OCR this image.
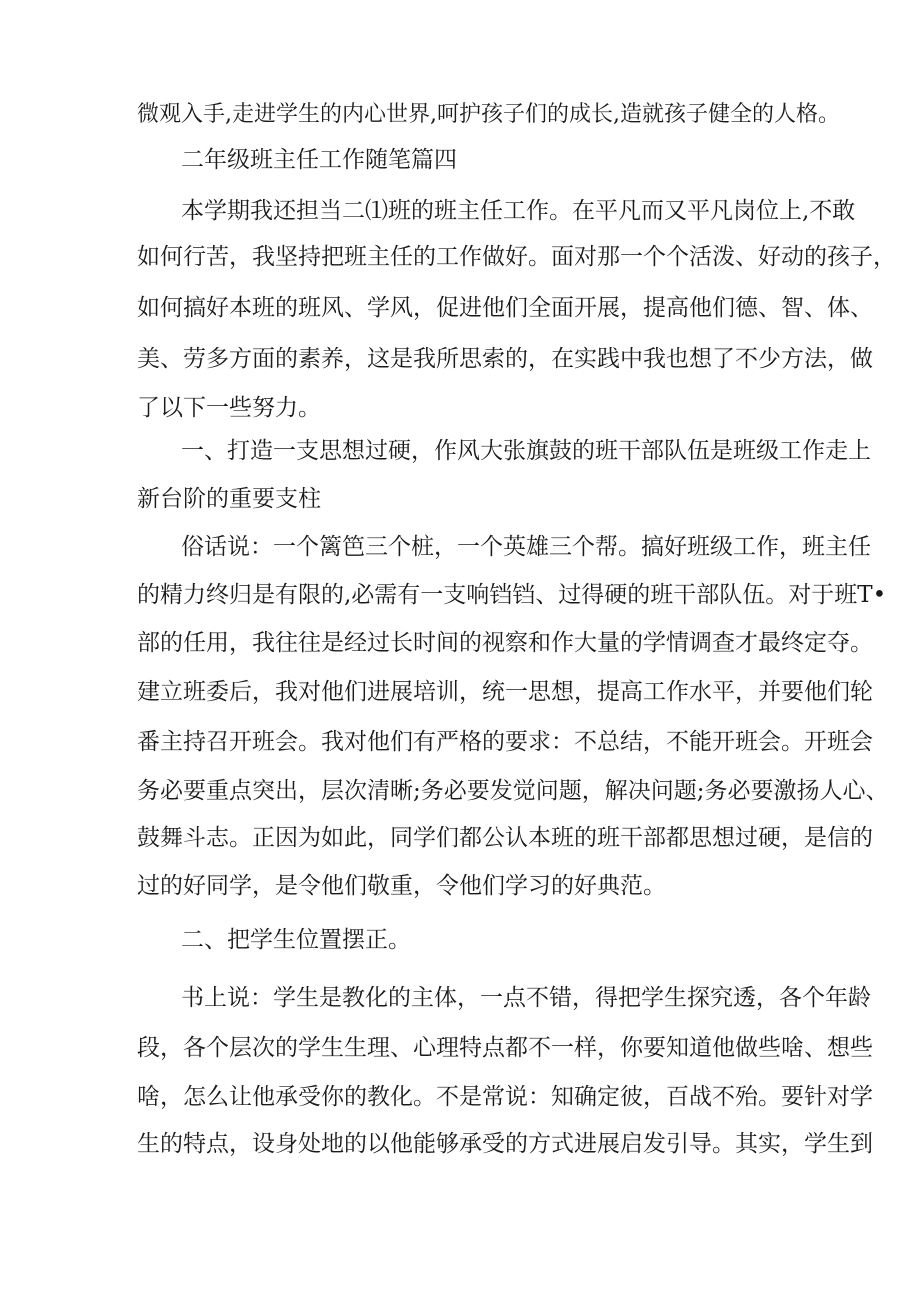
微观入手,走进学生的内心世界,呵护孩子们的成长,造就孩子健全的人格。
二年级班主任工作随笔篇四
本学期我还担当二⑴班的班主任工作。在平凡而又平凡岗位上,不敢
如何行苦，我坚持把班主任的工作做好。面对那一个个活泼、好动的孩子，
如何搞好本班的班风、学风，促进他们全面开展，提高他们德、智、体、
美、劳多方面的素养，这是我所思索的，在实践中我也想了不少方法，做
了以下一些努力。
一、打造一支思想过硬，作风大张旗鼓的班干部队伍是班级工作走上
新台阶的重要支柱
俗话说：一个篱笆三个桩，一个英雄三个帮。搞好班级工作，班主任
的精力终归是有限的,必需有一支响铛铛、过得硬的班干部队伍。对于班T•
部的任用，我往往是经过长时间的视察和作大量的学情调查才最终定夺。
建立班委后，我对他们进展培训，统一思想，提高工作水平，并要他们轮
番主持召开班会。我对他们有严格的要求：不总结，不能开班会。开班会
务必要重点突出，层次清晰;务必要发觉问题，解决问题;务必要激扬人心、
鼓舞斗志。正因为如此，同学们都公认本班的班干部都思想过硬，是信的
过的好同学，是令他们敬重，令他们学习的好典范。
二、把学生位置摆正。
书上说：学生是教化的主体，一点不错，得把学生探究透，各个年龄
段，各个层次的学生生理、心理特点都不一样，你要知道他做些啥、想些
啥，怎么让他承受你的教化。不是常说：知确定彼，百战不殆。要针对学
生的特点，设身处地的以他能够承受的方式进展启发引导。其实，学生到
